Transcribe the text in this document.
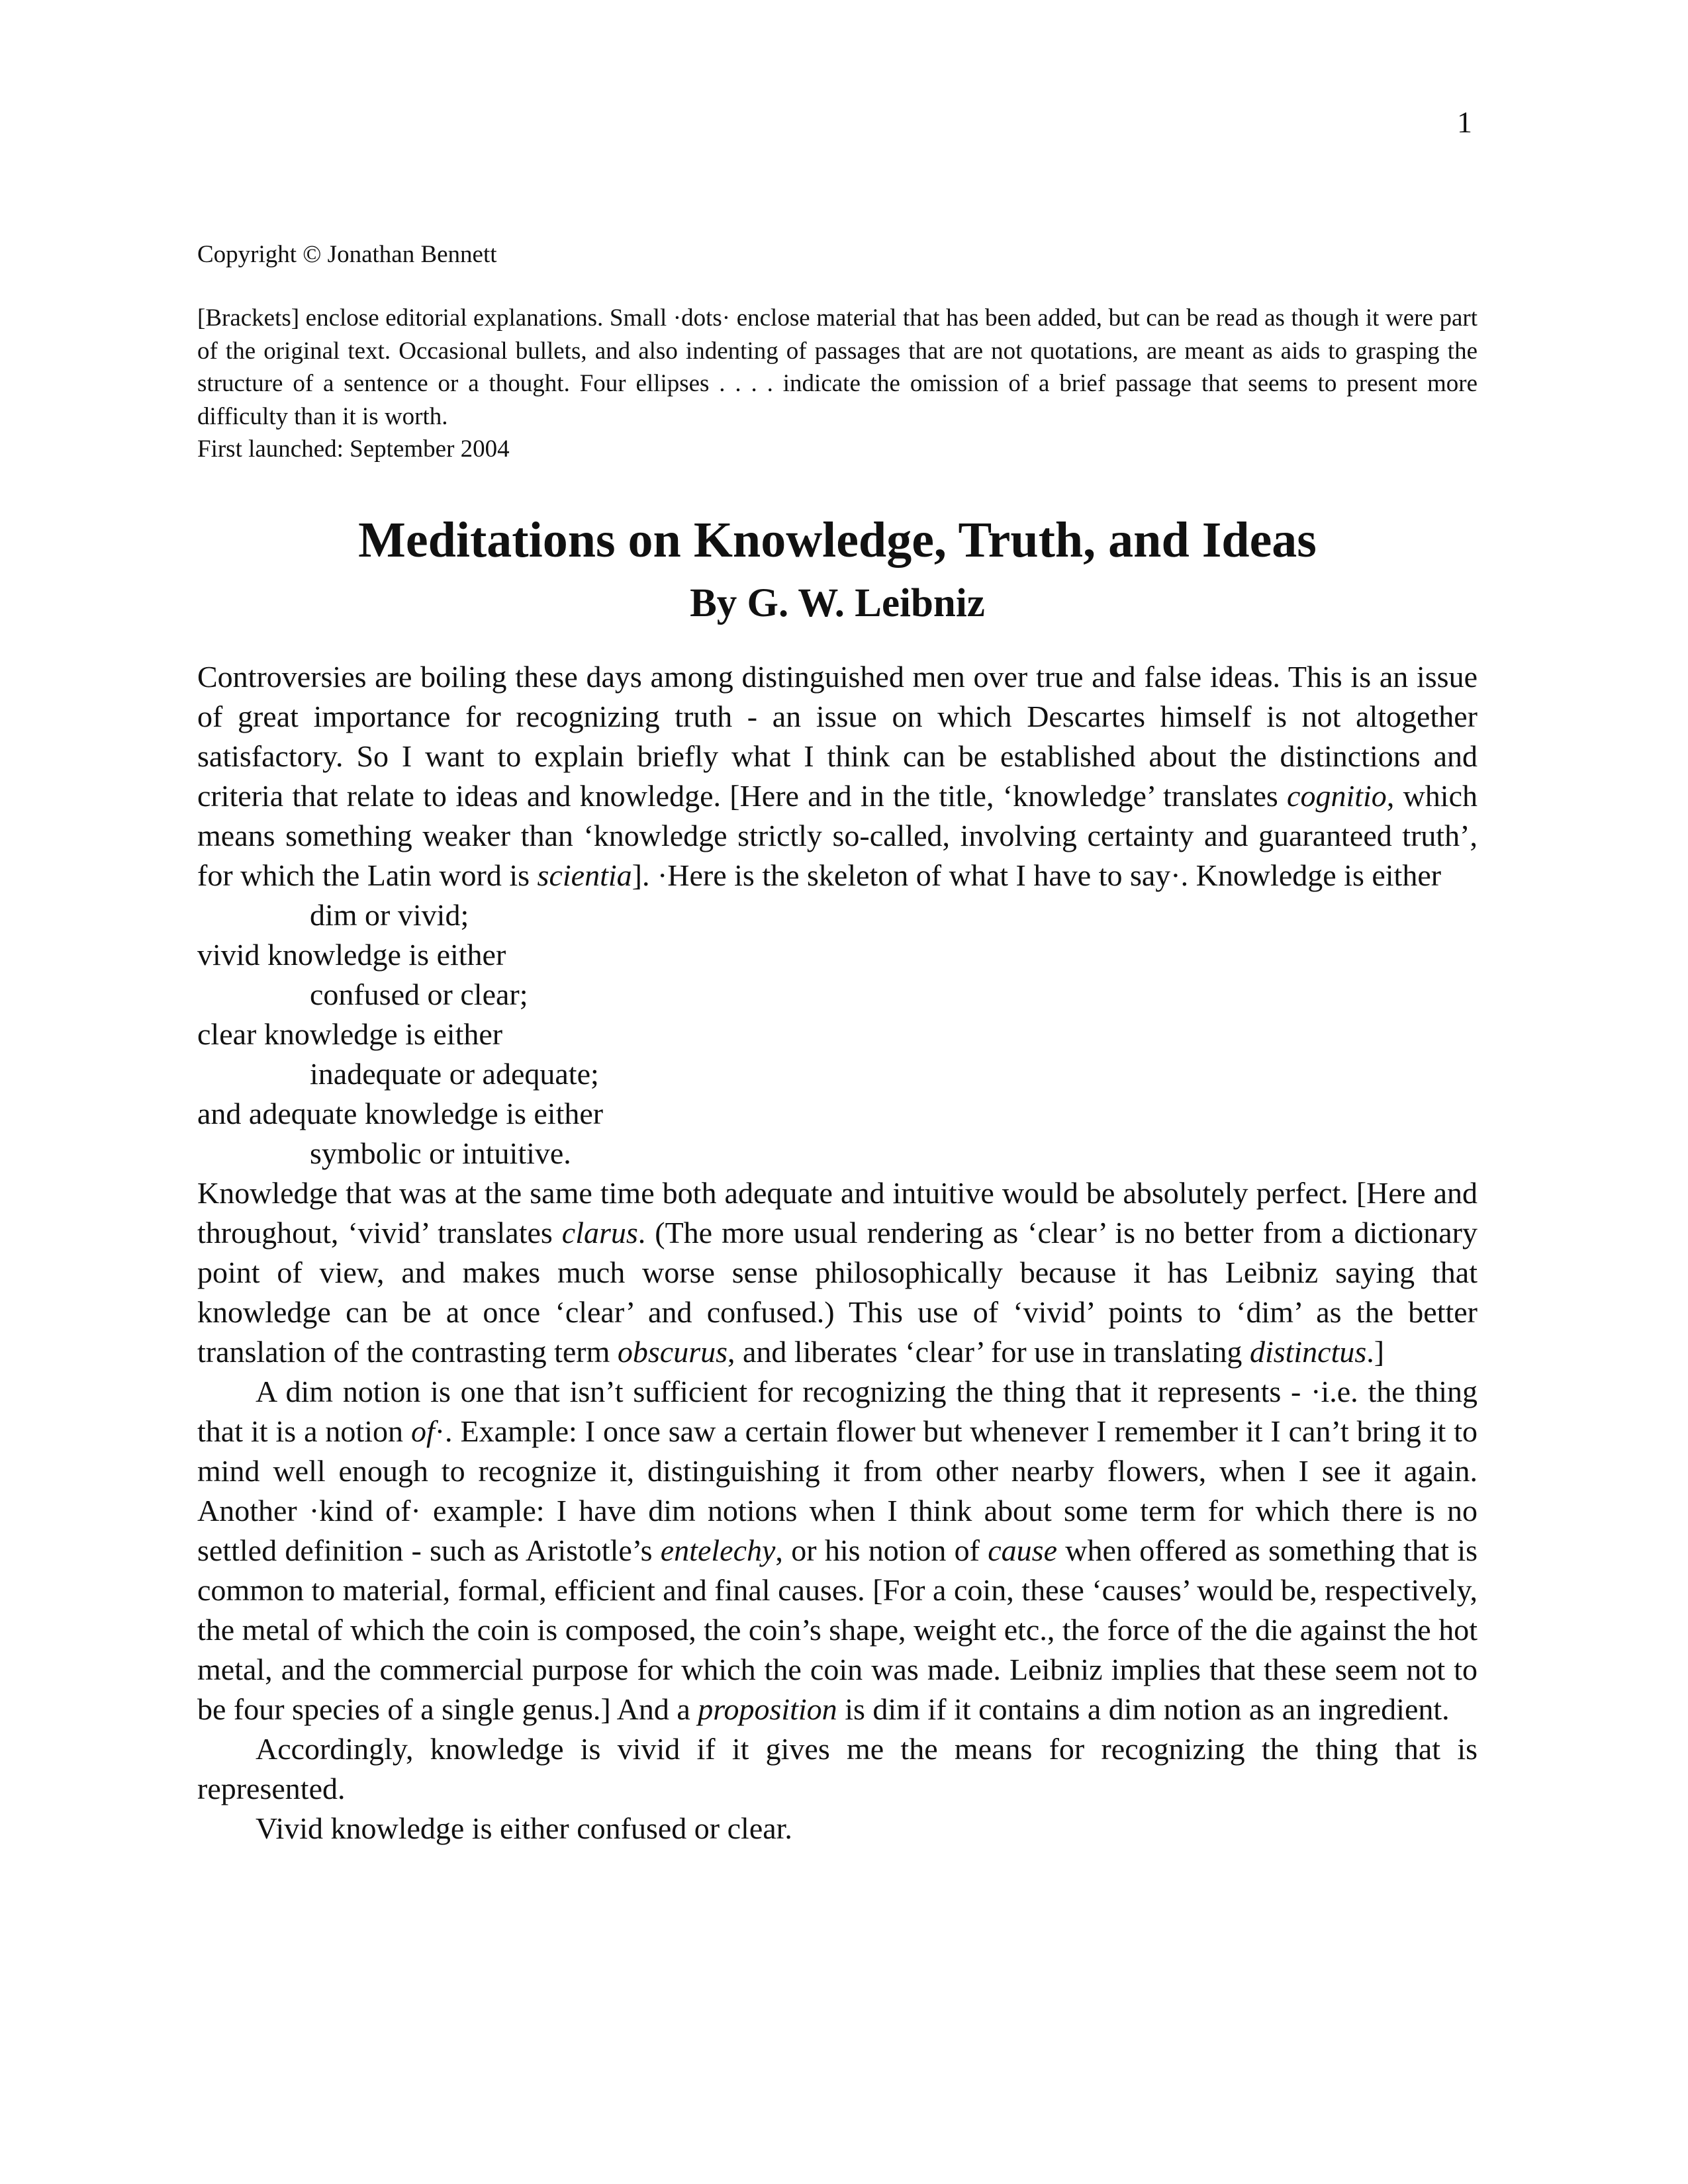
1
Copyright © Jonathan Bennett
[Brackets] enclose editorial explanations. Small ·dots· enclose material that has been added, but can be read as though it were part of the original text. Occasional bullets, and also indenting of passages that are not quotations, are meant as aids to grasping the structure of a sentence or a thought. Four ellipses . . . . indicate the omission of a brief passage that seems to present more difficulty than it is worth.
First launched: September 2004
Meditations on Knowledge, Truth, and Ideas
By G. W. Leibniz

Controversies are boiling these days among distinguished men over true and false ideas. This is an issue of great importance for recognizing truth - an issue on which Descartes himself is not altogether satisfactory. So I want to explain briefly what I think can be established about the distinctions and criteria that relate to ideas and knowledge. [Here and in the title, ‘knowledge’ translates cognitio, which means something weaker than ‘knowledge strictly so-called, involving certainty and guaranteed truth’, for which the Latin word is scientia]. ·Here is the skeleton of what I have to say·. Knowledge is either

dim or vivid;
vivid knowledge is either
confused or clear;
clear knowledge is either
inadequate or adequate;
and adequate knowledge is either
symbolic or intuitive.

Knowledge that was at the same time both adequate and intuitive would be absolutely perfect. [Here and throughout, ‘vivid’ translates clarus. (The more usual rendering as ‘clear’ is no better from a dictionary point of view, and makes much worse sense philosophically because it has Leibniz saying that knowledge can be at once ‘clear’ and confused.) This use of ‘vivid’ points to ‘dim’ as the better translation of the contrasting term obscurus, and liberates ‘clear’ for use in translating distinctus.]

A dim notion is one that isn’t sufficient for recognizing the thing that it represents - ·i.e. the thing that it is a notion of·. Example: I once saw a certain flower but whenever I remember it I can’t bring it to mind well enough to recognize it, distinguishing it from other nearby flowers, when I see it again. Another ·kind of· example: I have dim notions when I think about some term for which there is no settled definition - such as Aristotle’s entelechy, or his notion of cause when offered as something that is common to material, formal, efficient and final causes. [For a coin, these ‘causes’ would be, respectively, the metal of which the coin is composed, the coin’s shape, weight etc., the force of the die against the hot metal, and the commercial purpose for which the coin was made. Leibniz implies that these seem not to be four species of a single genus.] And a proposition is dim if it contains a dim notion as an ingredient.

Accordingly, knowledge is vivid if it gives me the means for recognizing the thing that is represented.

Vivid knowledge is either confused or clear.
